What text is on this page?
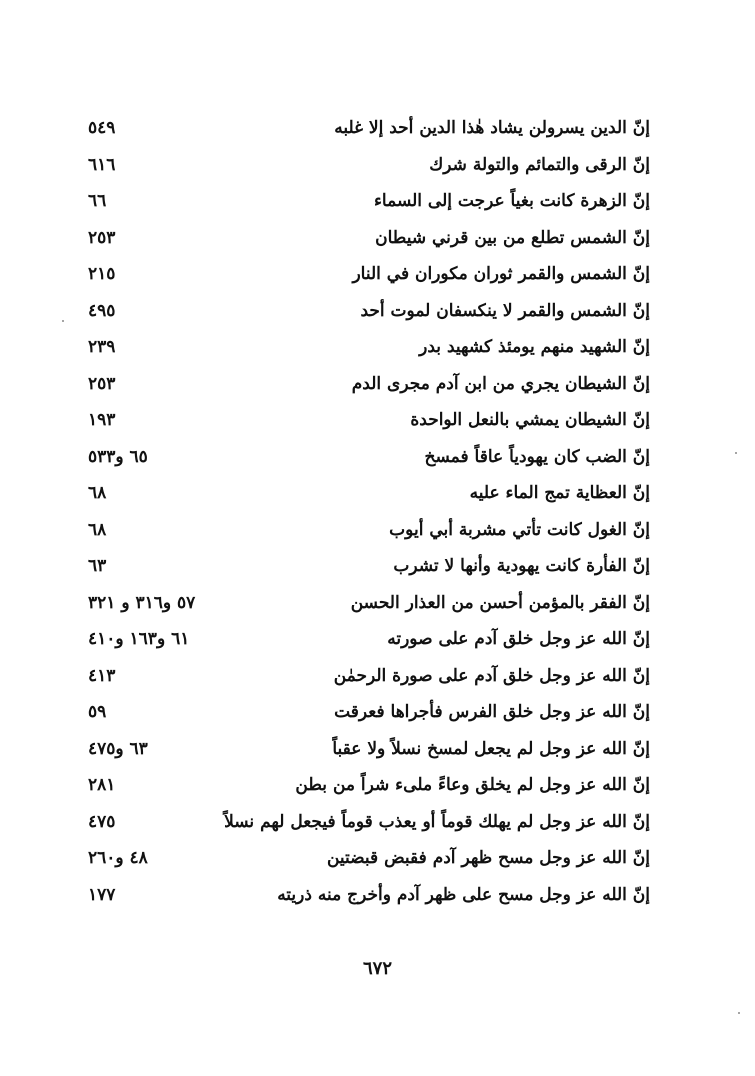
إنّ الدين يسرولن يشاد هٰذا الدين أحد إلا غلبه
٥٤٩
إنّ الرقى والتمائم والتولة شرك
٦١٦
إنّ الزهرة كانت بغياً عرجت إلى السماء
٦٦
إنّ الشمس تطلع من بين قرني شيطان
٢٥٣
إنّ الشمس والقمر ثوران مكوران في النار
٢١٥
إنّ الشمس والقمر لا ينكسفان لموت أحد
٤٩٥
إنّ الشهيد منهم يومئذ كشهيد بدر
٢٣٩
إنّ الشيطان يجري من ابن آدم مجرى الدم
٢٥٣
إنّ الشيطان يمشي بالنعل الواحدة
١٩٣
إنّ الضب كان يهودياً عاقاً فمسخ
٦٥ و٥٣٣
إنّ العظاية تمج الماء عليه
٦٨
إنّ الغول كانت تأتي مشربة أبي أيوب
٦٨
إنّ الفأرة كانت يهودية وأنها لا تشرب
٦٣
إنّ الفقر بالمؤمن أحسن من العذار الحسن
٥٧ و٣١٦ و ٣٢١
إنّ الله عز وجل خلق آدم على صورته
٦١ و١٦٣ و٤١٠
إنّ الله عز وجل خلق آدم على صورة الرحمٰن
٤١٣
إنّ الله عز وجل خلق الفرس فأجراها فعرقت
٥٩
إنّ الله عز وجل لم يجعل لمسخ نسلاً ولا عقباً
٦٣ و٤٧٥
إنّ الله عز وجل لم يخلق وعاءً ملىء شراً من بطن
٢٨١
إنّ الله عز وجل لم يهلك قوماً أو يعذب قوماً فيجعل لهم نسلاً
٤٧٥
إنّ الله عز وجل مسح ظهر آدم فقبض قبضتين
٤٨ و٢٦٠
إنّ الله عز وجل مسح على ظهر آدم وأخرج منه ذريته
١٧٧
٦٧٢
